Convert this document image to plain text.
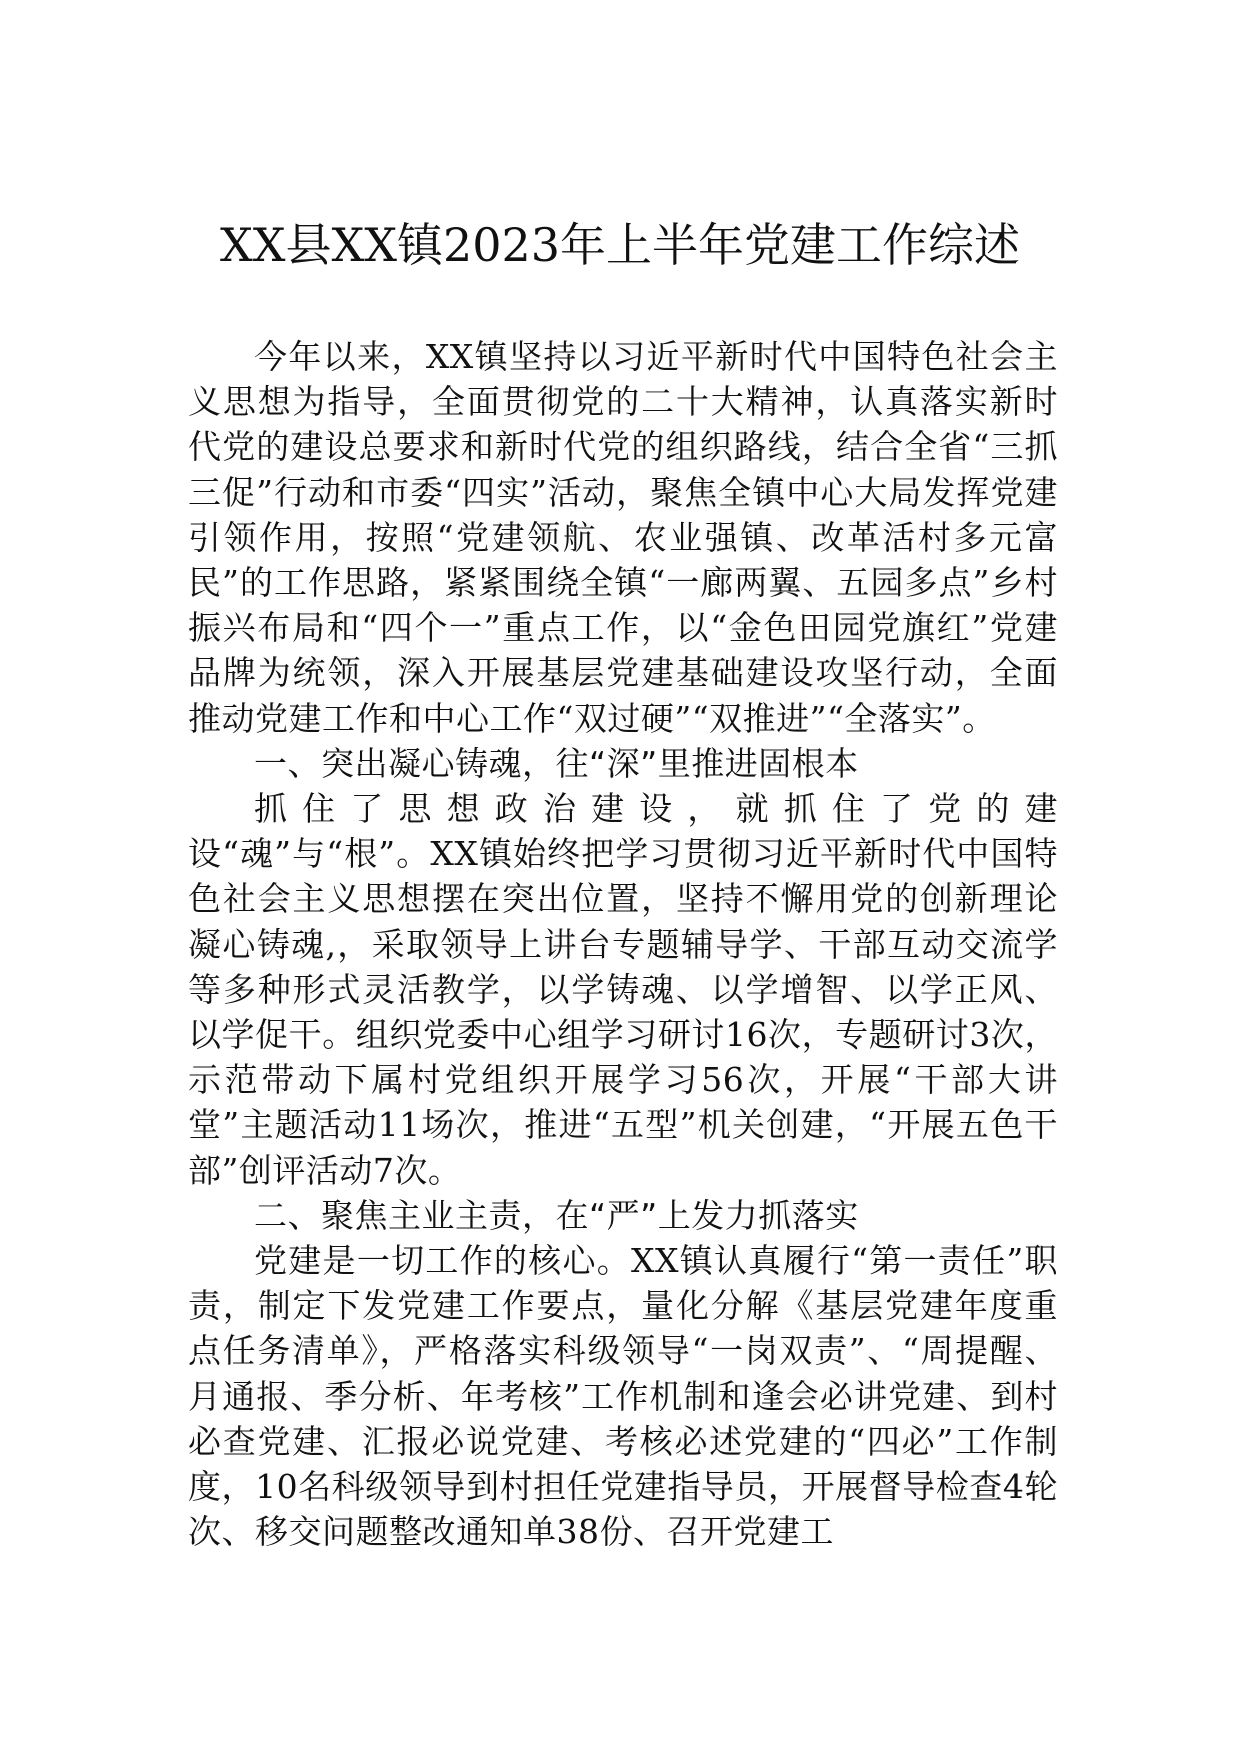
XX县XX镇2023年上半年党建工作综述

今年以来，XX镇坚持以习近平新时代中国特色社会主义思想为指导，全面贯彻党的二十大精神，认真落实新时代党的建设总要求和新时代党的组织路线，结合全省“三抓三促”行动和市委“四实”活动，聚焦全镇中心大局发挥党建引领作用，按照“党建领航、农业强镇、改革活村多元富民”的工作思路，紧紧围绕全镇“一廊两翼、五园多点”乡村振兴布局和“四个一”重点工作，以“金色田园党旗红”党建品牌为统领，深入开展基层党建基础建设攻坚行动，全面推动党建工作和中心工作“双过硬”“双推进”“全落实”。

一、突出凝心铸魂，往“深”里推进固根本

抓住了思想政治建设，就抓住了党的建设“魂”与“根”。XX镇始终把学习贯彻习近平新时代中国特色社会主义思想摆在突出位置，坚持不懈用党的创新理论凝心铸魂,，采取领导上讲台专题辅导学、干部互动交流学等多种形式灵活教学，以学铸魂、以学增智、以学正风、以学促干。组织党委中心组学习研讨16次，专题研讨3次，示范带动下属村党组织开展学习56次，开展“干部大讲堂”主题活动11场次，推进“五型”机关创建，“开展五色干部”创评活动7次。

二、聚焦主业主责，在“严”上发力抓落实

党建是一切工作的核心。XX镇认真履行“第一责任”职责，制定下发党建工作要点，量化分解《基层党建年度重点任务清单》，严格落实科级领导“一岗双责”、“周提醒、月通报、季分析、年考核”工作机制和逢会必讲党建、到村必查党建、汇报必说党建、考核必述党建的“四必”工作制度，10名科级领导到村担任党建指导员，开展督导检查4轮次、移交问题整改通知单38份、召开党建工
